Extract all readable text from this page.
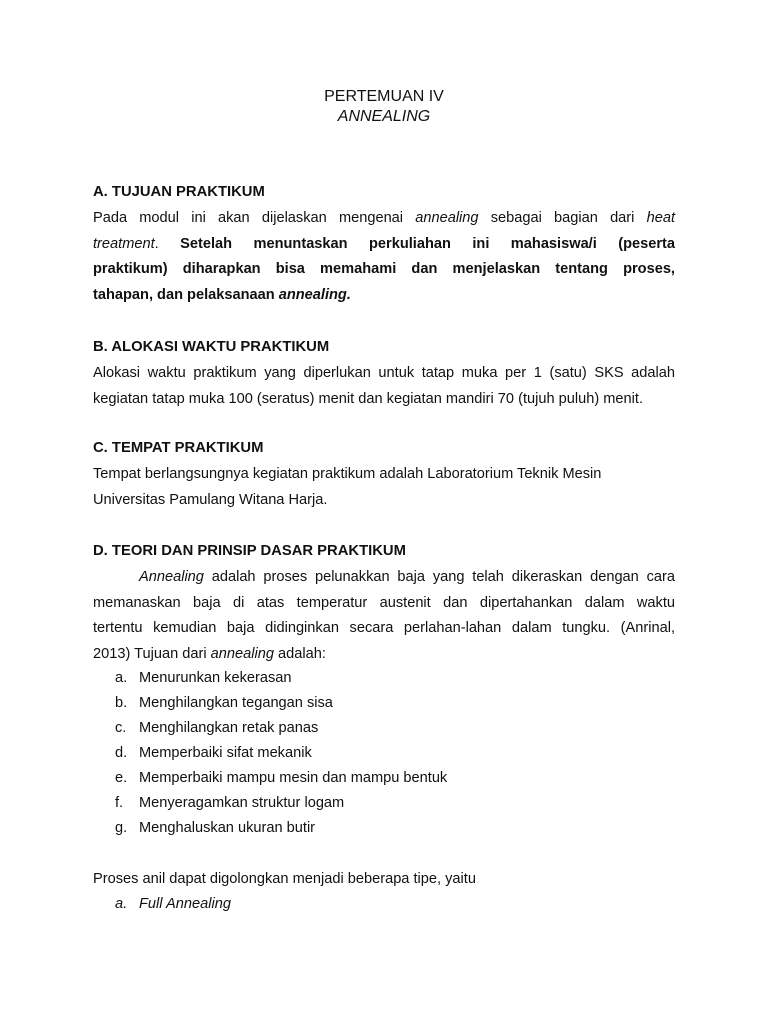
PERTEMUAN IV
ANNEALING
A. TUJUAN PRAKTIKUM
Pada modul ini akan dijelaskan mengenai annealing sebagai bagian dari heat
treatment. Setelah menuntaskan perkuliahan ini mahasiswa/i (peserta
praktikum) diharapkan bisa memahami dan menjelaskan tentang proses,
tahapan, dan pelaksanaan annealing.
B. ALOKASI WAKTU PRAKTIKUM
Alokasi waktu praktikum yang diperlukan untuk tatap muka per 1 (satu) SKS adalah
kegiatan tatap muka 100 (seratus) menit dan kegiatan mandiri 70 (tujuh puluh) menit.
C. TEMPAT PRAKTIKUM
Tempat berlangsungnya kegiatan praktikum adalah Laboratorium Teknik Mesin
Universitas Pamulang Witana Harja.
D. TEORI DAN PRINSIP DASAR PRAKTIKUM
Annealing adalah proses pelunakkan baja yang telah dikeraskan dengan cara
memanaskan baja di atas temperatur austenit dan dipertahankan dalam waktu
tertentu kemudian baja didinginkan secara perlahan-lahan dalam tungku. (Anrinal,
2013) Tujuan dari annealing adalah:
a. Menurunkan kekerasan
b. Menghilangkan tegangan sisa
c. Menghilangkan retak panas
d. Memperbaiki sifat mekanik
e. Memperbaiki mampu mesin dan mampu bentuk
f. Menyeragamkan struktur logam
g. Menghaluskan ukuran butir
Proses anil dapat digolongkan menjadi beberapa tipe, yaitu
a. Full Annealing
